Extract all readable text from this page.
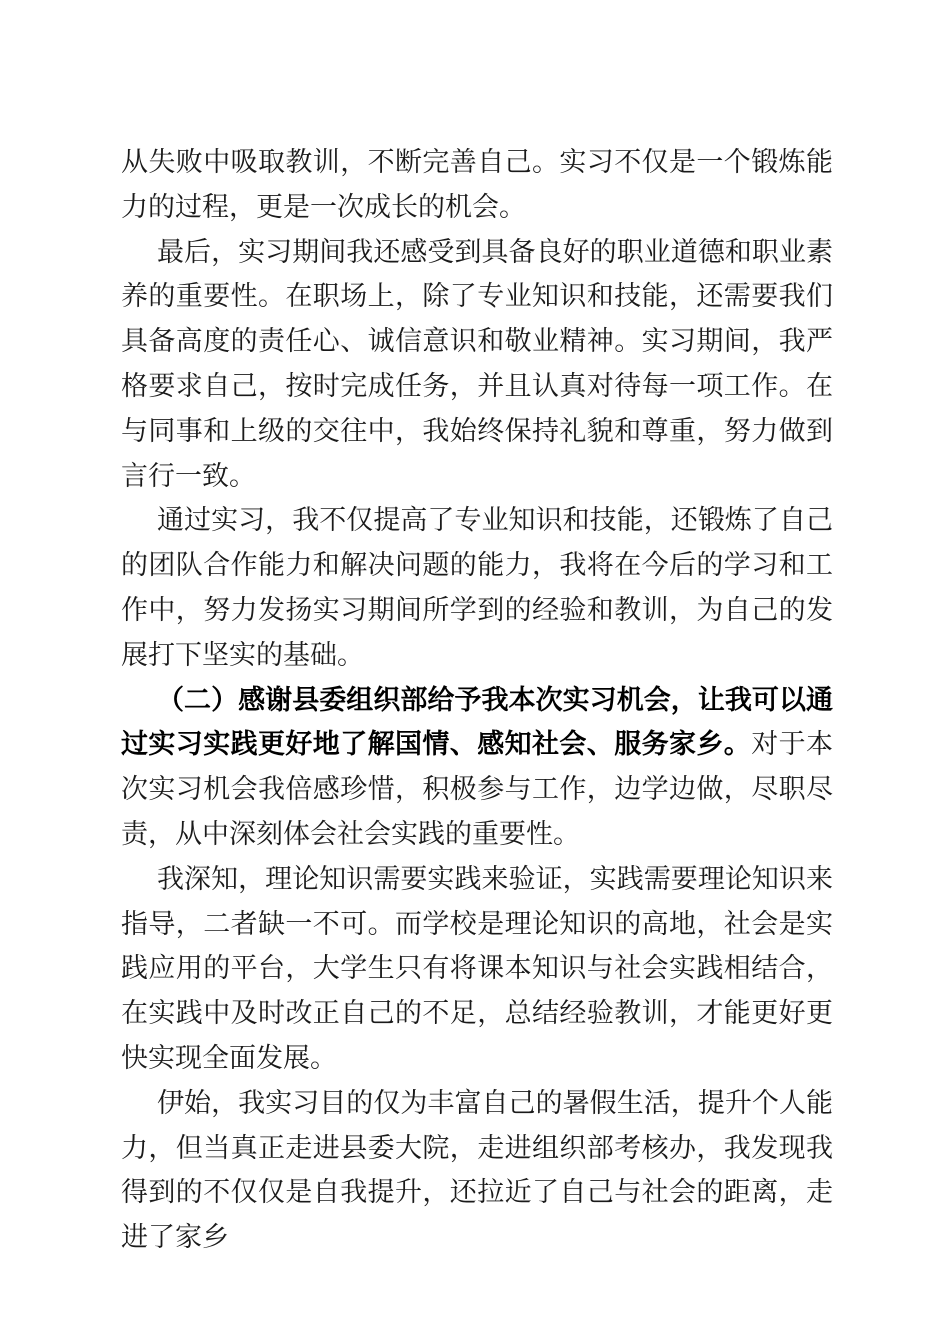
从失败中吸取教训，不断完善自己。实习不仅是一个锻炼能力的过程，更是一次成长的机会。

最后，实习期间我还感受到具备良好的职业道德和职业素养的重要性。在职场上，除了专业知识和技能，还需要我们具备高度的责任心、诚信意识和敬业精神。实习期间，我严格要求自己，按时完成任务，并且认真对待每一项工作。在与同事和上级的交往中，我始终保持礼貌和尊重，努力做到言行一致。

通过实习，我不仅提高了专业知识和技能，还锻炼了自己的团队合作能力和解决问题的能力，我将在今后的学习和工作中，努力发扬实习期间所学到的经验和教训，为自己的发展打下坚实的基础。

（二）感谢县委组织部给予我本次实习机会，让我可以通过实习实践更好地了解国情、感知社会、服务家乡。对于本次实习机会我倍感珍惜，积极参与工作，边学边做，尽职尽责，从中深刻体会社会实践的重要性。

我深知，理论知识需要实践来验证，实践需要理论知识来指导，二者缺一不可。而学校是理论知识的高地，社会是实践应用的平台，大学生只有将课本知识与社会实践相结合，在实践中及时改正自己的不足，总结经验教训，才能更好更快实现全面发展。

伊始，我实习目的仅为丰富自己的暑假生活，提升个人能力，但当真正走进县委大院，走进组织部考核办，我发现我得到的不仅仅是自我提升，还拉近了自己与社会的距离，走进了家乡
